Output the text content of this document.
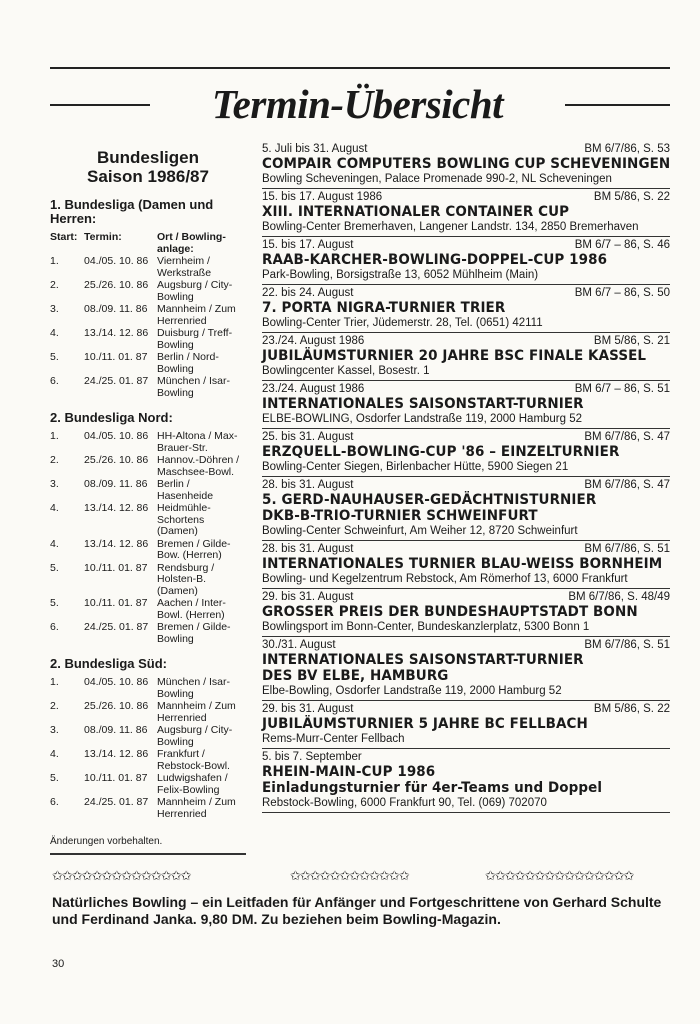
Termin-Übersicht
Bundesligen
Saison 1986/87
1. Bundesliga (Damen und Herren:
Start: Termin:	Ort / Bowling-anlage:
1.	04./05. 10. 86 Viernheim / Werkstraße
2.	25./26. 10. 86 Augsburg / City-Bowling
3.	08./09. 11. 86 Mannheim / Zum Herrenried
4.	13./14. 12. 86 Duisburg / Treff-Bowling
5.	10./11. 01. 87 Berlin / Nord-Bowling
6.	24./25. 01. 87 München / Isar-Bowling
2. Bundesliga Nord:
1.	04./05. 10. 86 HH-Altona / Max-Brauer-Str.
2.	25./26. 10. 86 Hannov.-Döhren / Maschsee-Bowl.
3.	08./09. 11. 86 Berlin / Hasenheide
4.	13./14. 12. 86 Heidmühle-Schortens (Damen)
4.	13./14. 12. 86 Bremen / Gilde-Bow. (Herren)
5.	10./11. 01. 87 Rendsburg / Holsten-B. (Damen)
5.	10./11. 01. 87 Aachen / Inter-Bowl. (Herren)
6.	24./25. 01. 87 Bremen / Gilde-Bowling
2. Bundesliga Süd:
1.	04./05. 10. 86 München / Isar-Bowling
2.	25./26. 10. 86 Mannheim / Zum Herrenried
3.	08./09. 11. 86 Augsburg / City-Bowling
4.	13./14. 12. 86 Frankfurt / Rebstock-Bowl.
5.	10./11. 01. 87 Ludwigshafen / Felix-Bowling
6.	24./25. 01. 87 Mannheim / Zum Herrenried
Änderungen vorbehalten.
5. Juli bis 31. August	BM 6/7/86, S. 53
COMPAIR COMPUTERS BOWLING CUP SCHEVENINGEN
Bowling Scheveningen, Palace Promenade 990-2, NL Scheveningen
15. bis 17. August 1986	BM 5/86, S. 22
XIII. INTERNATIONALER CONTAINER CUP
Bowling-Center Bremerhaven, Langener Landstr. 134, 2850 Bremerhaven
15. bis 17. August	BM 6/7 – 86, S. 46
RAAB-KARCHER-BOWLING-DOPPEL-CUP 1986
Park-Bowling, Borsigstraße 13, 6052 Mühlheim (Main)
22. bis 24. August	BM 6/7 – 86, S. 50
7. PORTA NIGRA-TURNIER TRIER
Bowling-Center Trier, Jüdemerstr. 28, Tel. (0651) 42111
23./24. August 1986	BM 5/86, S. 21
JUBILÄUMSTURNIER 20 JAHRE BSC FINALE KASSEL
Bowlingcenter Kassel, Bosestr. 1
23./24. August 1986	BM 6/7 – 86, S. 51
INTERNATIONALES SAISONSTART-TURNIER
ELBE-BOWLING, Osdorfer Landstraße 119, 2000 Hamburg 52
25. bis 31. August	BM 6/7/86, S. 47
ERZQUELL-BOWLING-CUP '86 – EINZELTURNIER
Bowling-Center Siegen, Birlenbacher Hütte, 5900 Siegen 21
28. bis 31. August	BM 6/7/86, S. 47
5. GERD-NAUHAUSER-GEDÄCHTNISTURNIER
DKB-B-TRIO-TURNIER SCHWEINFURT
Bowling-Center Schweinfurt, Am Weiher 12, 8720 Schweinfurt
28. bis 31. August	BM 6/7/86, S. 51
INTERNATIONALES TURNIER BLAU-WEISS BORNHEIM
Bowling- und Kegelzentrum Rebstock, Am Römerhof 13, 6000 Frankfurt
29. bis 31. August	BM 6/7/86, S. 48/49
GROSSER PREIS DER BUNDESHAUPTSTADT BONN
Bowlingsport im Bonn-Center, Bundeskanzlerplatz, 5300 Bonn 1
30./31. August	BM 6/7/86, S. 51
INTERNATIONALES SAISONSTART-TURNIER
DES BV ELBE, HAMBURG
Elbe-Bowling, Osdorfer Landstraße 119, 2000 Hamburg 52
29. bis 31. August	BM 5/86, S. 22
JUBILÄUMSTURNIER 5 JAHRE BC FELLBACH
Rems-Murr-Center Fellbach
5. bis 7. September
RHEIN-MAIN-CUP 1986
Einladungsturnier für 4er-Teams und Doppel
Rebstock-Bowling, 6000 Frankfurt 90, Tel. (069) 702070
✩✩✩✩✩✩✩✩✩✩✩✩✩✩	✩✩✩✩✩✩✩✩✩✩✩✩	✩✩✩✩✩✩✩✩✩✩✩✩✩✩✩
Natürliches Bowling – ein Leitfaden für Anfänger und Fortgeschrittene von Gerhard Schulte und Ferdinand Janka. 9,80 DM. Zu beziehen beim Bowling-Magazin.
30
